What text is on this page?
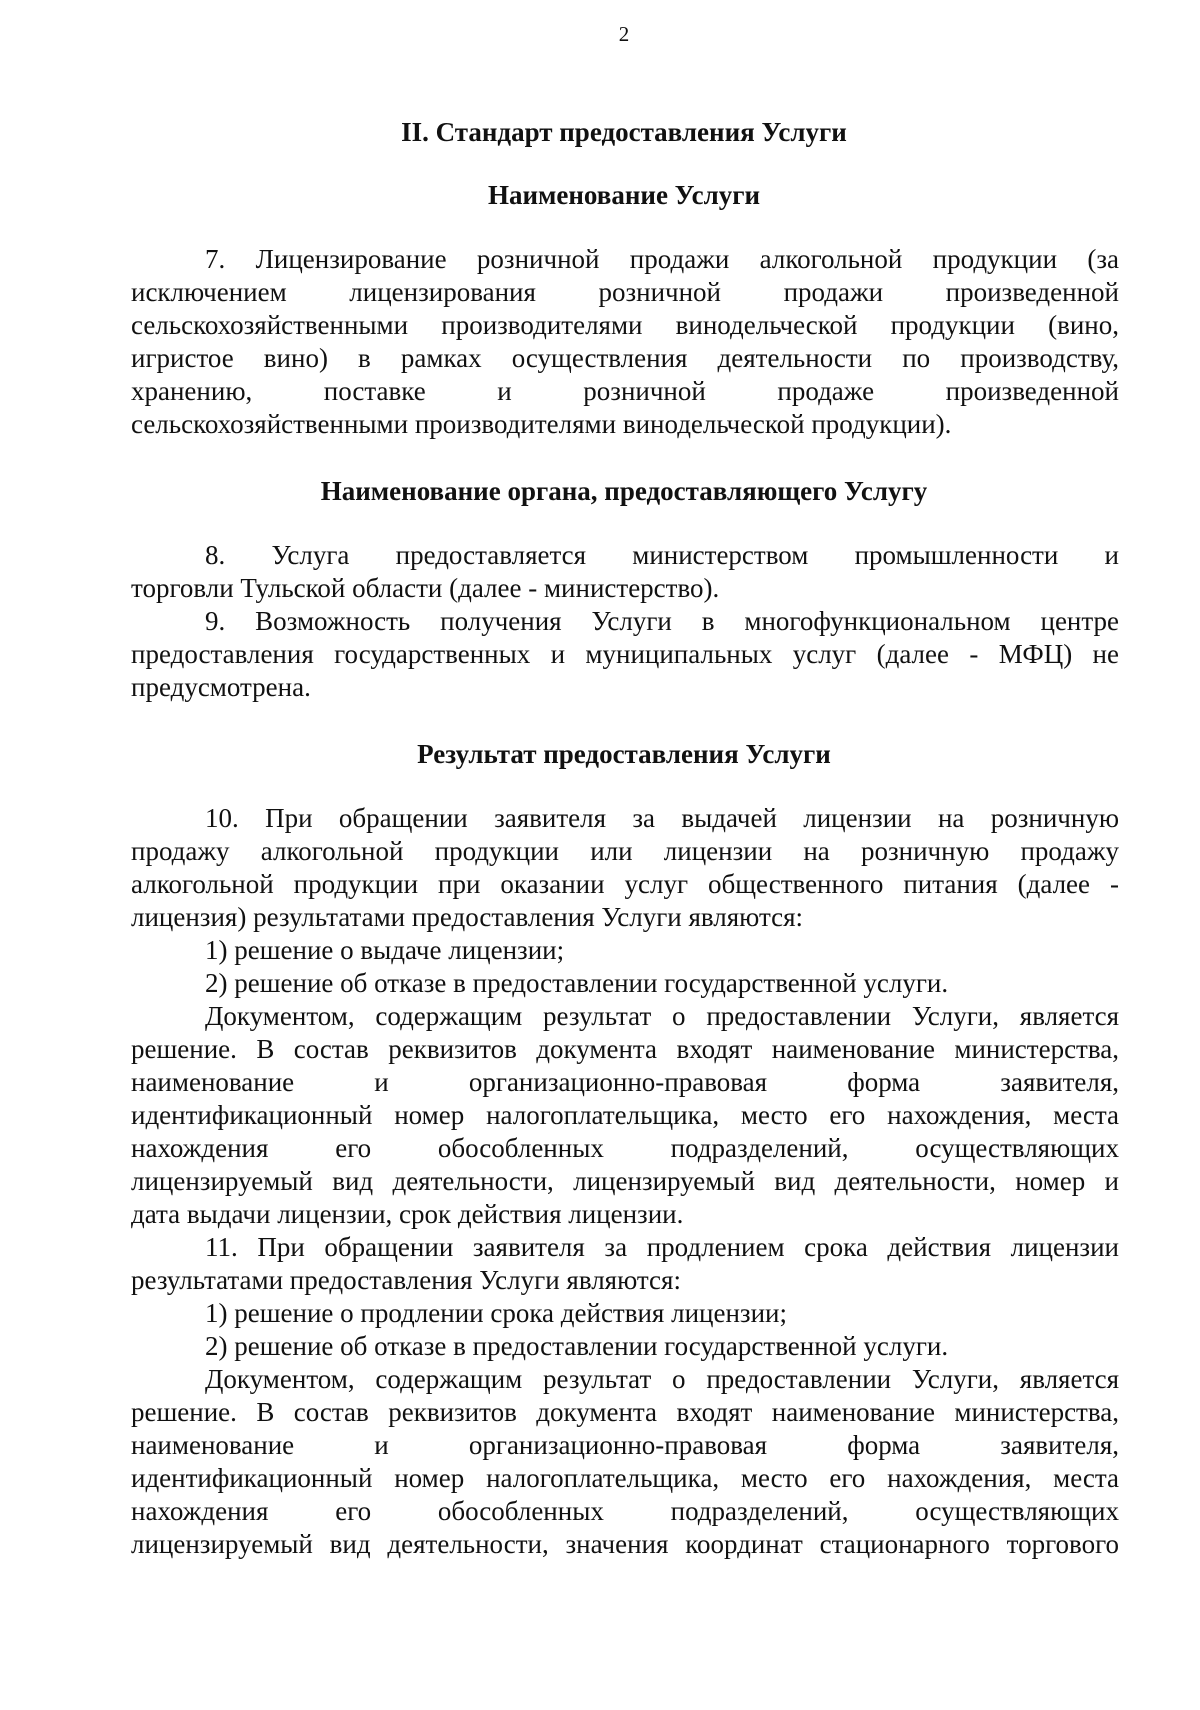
2
II. Стандарт предоставления Услуги
Наименование Услуги
7. Лицензирование розничной продажи алкогольной продукции (за
исключением лицензирования розничной продажи произведенной
сельскохозяйственными производителями винодельческой продукции (вино,
игристое вино) в рамках осуществления деятельности по производству,
хранению, поставке и розничной продаже произведенной
сельскохозяйственными производителями винодельческой продукции).
Наименование органа, предоставляющего Услугу
8. Услуга предоставляется министерством промышленности и
торговли Тульской области (далее - министерство).
9. Возможность получения Услуги в многофункциональном центре
предоставления государственных и муниципальных услуг (далее - МФЦ) не
предусмотрена.
Результат предоставления Услуги
10. При обращении заявителя за выдачей лицензии на розничную
продажу алкогольной продукции или лицензии на розничную продажу
алкогольной продукции при оказании услуг общественного питания (далее -
лицензия) результатами предоставления Услуги являются:
1) решение о выдаче лицензии;
2) решение об отказе в предоставлении государственной услуги.
Документом, содержащим результат о предоставлении Услуги, является
решение. В состав реквизитов документа входят наименование министерства,
наименование и организационно-правовая форма заявителя,
идентификационный номер налогоплательщика, место его нахождения, места
нахождения его обособленных подразделений, осуществляющих
лицензируемый вид деятельности, лицензируемый вид деятельности, номер и
дата выдачи лицензии, срок действия лицензии.
11. При обращении заявителя за продлением срока действия лицензии
результатами предоставления Услуги являются:
1) решение о продлении срока действия лицензии;
2) решение об отказе в предоставлении государственной услуги.
Документом, содержащим результат о предоставлении Услуги, является
решение. В состав реквизитов документа входят наименование министерства,
наименование и организационно-правовая форма заявителя,
идентификационный номер налогоплательщика, место его нахождения, места
нахождения его обособленных подразделений, осуществляющих
лицензируемый вид деятельности, значения координат стационарного торгового
